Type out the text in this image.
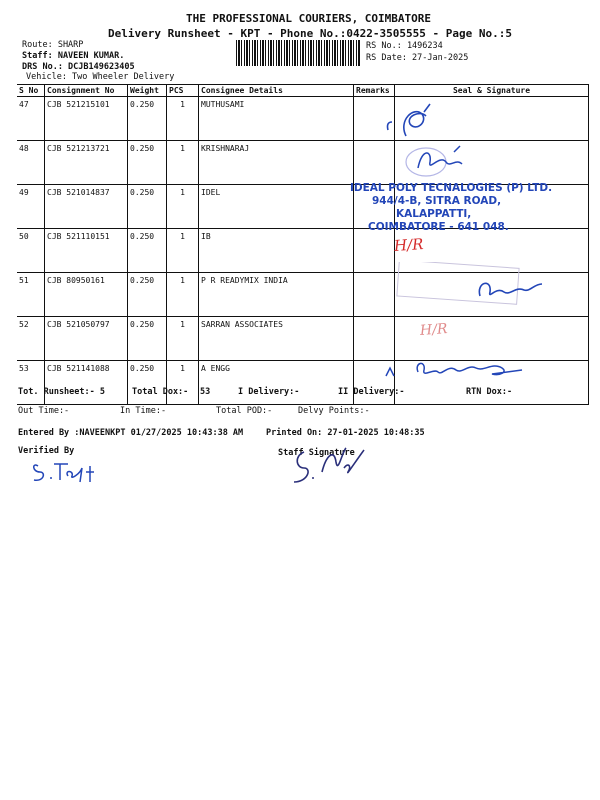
THE PROFESSIONAL COURIERS, COIMBATORE
Delivery Runsheet - KPT - Phone No.:0422-3505555 - Page No.:5
Route: SHARP
Staff: NAVEEN KUMAR.
DRS No.: DCJB149623405
Vehicle: Two Wheeler Delivery
RS No.: 1496234
RS Date: 27-Jan-2025
S No	Consignment No	Weight	PCS	Consignee Details	Remarks	Seal & Signature
47	CJB 521215101	0.250	1	MUTHUSAMI		
48	CJB 521213721	0.250	1	KRISHNARAJ		
49	CJB 521014837	0.250	1	IDEL		
50	CJB 521110151	0.250	1	IB		
51	CJB 80950161	0.250	1	P R READYMIX INDIA		
52	CJB 521050797	0.250	1	SARRAN ASSOCIATES		
53	CJB 521141088	0.250	1	A ENGG		
IDEAL POLY TECNALOGIES (P) LTD.
944/4-B, SITRA ROAD,
KALAPPATTI,
COIMBATORE - 641 048.
H/R
H/R
Tot. Runsheet:- 5	Total Dox:- 53	I Delivery:-	II Delivery:-	RTN Dox:-
Out Time:-	In Time:-	Total POD:-	Delvy Points:-
Entered By :NAVEENKPT 01/27/2025 10:43:38 AM	Printed On: 27-01-2025 10:48:35
Verified By	Staff Signature
